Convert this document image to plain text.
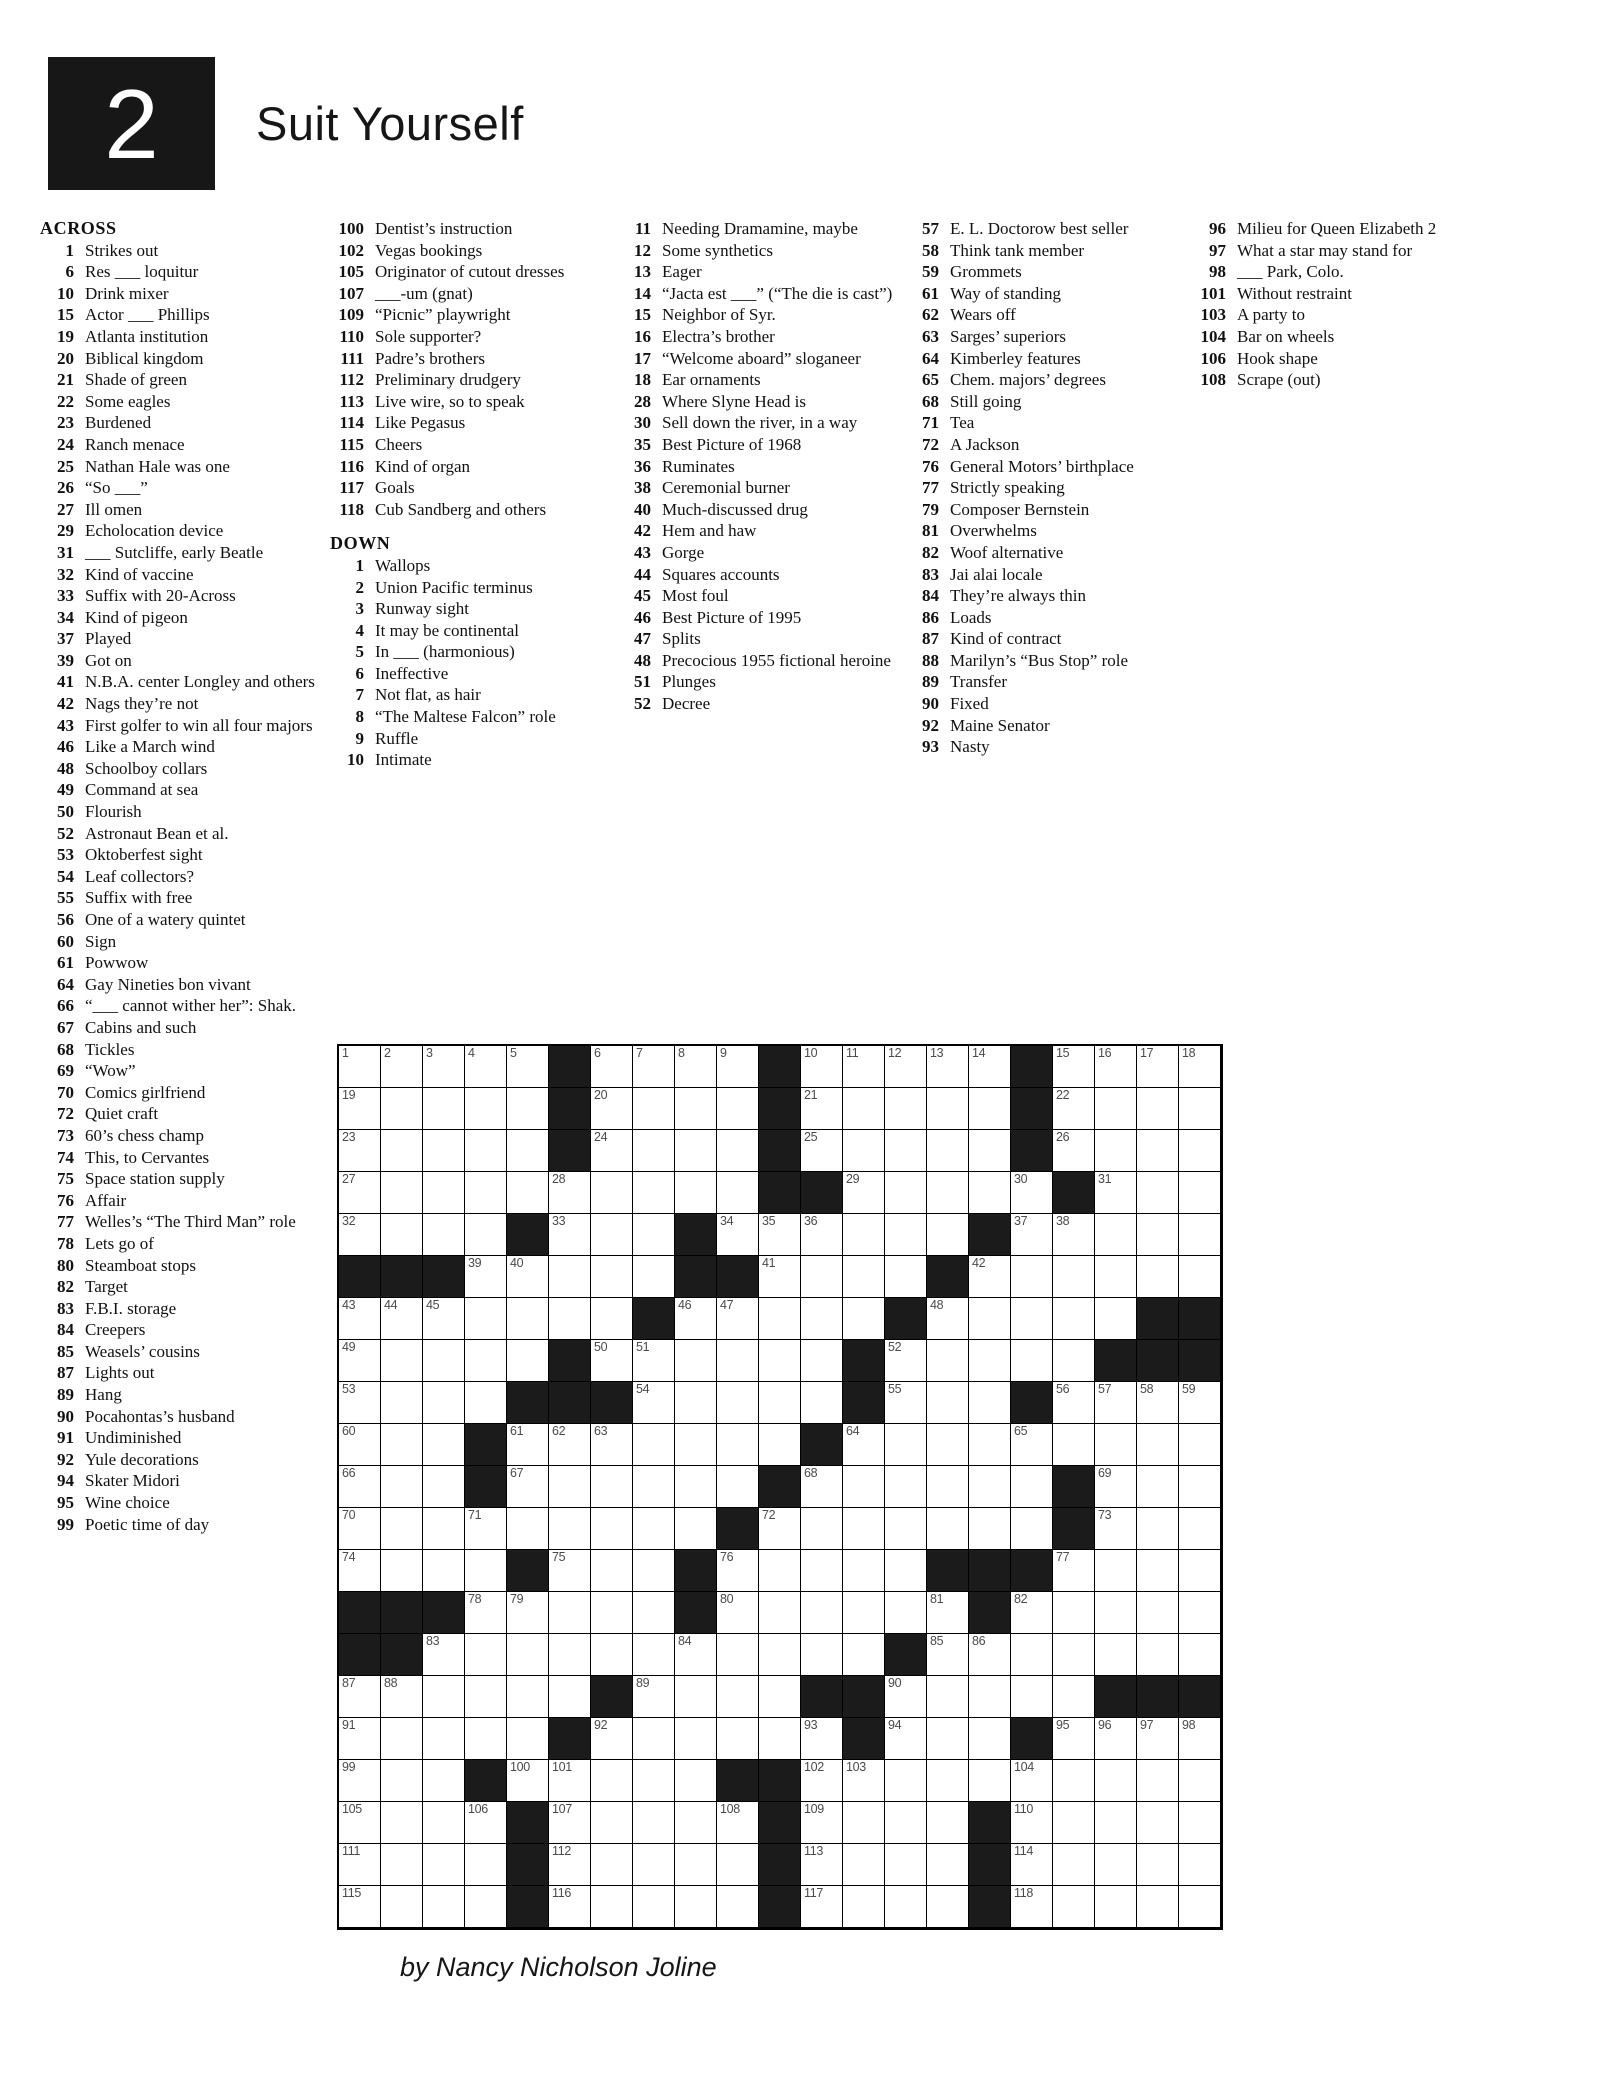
2 Suit Yourself
ACROSS
1 Strikes out
6 Res ___ loquitur
10 Drink mixer
15 Actor ___ Phillips
19 Atlanta institution
20 Biblical kingdom
21 Shade of green
22 Some eagles
23 Burdened
24 Ranch menace
25 Nathan Hale was one
26 “So ___”
27 Ill omen
29 Echolocation device
31 ___ Sutcliffe, early Beatle
32 Kind of vaccine
33 Suffix with 20-Across
34 Kind of pigeon
37 Played
39 Got on
41 N.B.A. center Longley and others
42 Nags they’re not
43 First golfer to win all four majors
46 Like a March wind
48 Schoolboy collars
49 Command at sea
50 Flourish
52 Astronaut Bean et al.
53 Oktoberfest sight
54 Leaf collectors?
55 Suffix with free
56 One of a watery quintet
60 Sign
61 Powwow
64 Gay Nineties bon vivant
66 “___ cannot wither her”: Shak.
67 Cabins and such
68 Tickles
69 “Wow”
70 Comics girlfriend
72 Quiet craft
73 60’s chess champ
74 This, to Cervantes
75 Space station supply
76 Affair
77 Welles’s “The Third Man” role
78 Lets go of
80 Steamboat stops
82 Target
83 F.B.I. storage
84 Creepers
85 Weasels’ cousins
87 Lights out
89 Hang
90 Pocahontas’s husband
91 Undiminished
92 Yule decorations
94 Skater Midori
95 Wine choice
99 Poetic time of day
100 Dentist’s instruction
102 Vegas bookings
105 Originator of cutout dresses
107 ___-um (gnat)
109 “Picnic” playwright
110 Sole supporter?
111 Padre’s brothers
112 Preliminary drudgery
113 Live wire, so to speak
114 Like Pegasus
115 Cheers
116 Kind of organ
117 Goals
118 Cub Sandberg and others
DOWN
1 Wallops
2 Union Pacific terminus
3 Runway sight
4 It may be continental
5 In ___ (harmonious)
6 Ineffective
7 Not flat, as hair
8 “The Maltese Falcon” role
9 Ruffle
10 Intimate
11 Needing Dramamine, maybe
12 Some synthetics
13 Eager
14 “Jacta est ___” (“The die is cast”)
15 Neighbor of Syr.
16 Electra’s brother
17 “Welcome aboard” sloganeer
18 Ear ornaments
28 Where Slyne Head is
30 Sell down the river, in a way
35 Best Picture of 1968
36 Ruminates
38 Ceremonial burner
40 Much-discussed drug
42 Hem and haw
43 Gorge
44 Squares accounts
45 Most foul
46 Best Picture of 1995
47 Splits
48 Precocious 1955 fictional heroine
51 Plunges
52 Decree
57 E. L. Doctorow best seller
58 Think tank member
59 Grommets
61 Way of standing
62 Wears off
63 Sarges’ superiors
64 Kimberley features
65 Chem. majors’ degrees
68 Still going
71 Tea
72 A Jackson
76 General Motors’ birthplace
77 Strictly speaking
79 Composer Bernstein
81 Overwhelms
82 Woof alternative
83 Jai alai locale
84 They’re always thin
86 Loads
87 Kind of contract
88 Marilyn’s “Bus Stop” role
89 Transfer
90 Fixed
92 Maine Senator
93 Nasty
96 Milieu for Queen Elizabeth 2
97 What a star may stand for
98 ___ Park, Colo.
101 Without restraint
103 A party to
104 Bar on wheels
106 Hook shape
108 Scrape (out)
1	2	3	4	5	6	7	8	9	10 11 12 13 14	15 16 17 18
19	20	21	22
23	24	25	26
27	28	29	30	31
32	33	34 35 36	37 38
39 40	41	42
43 44 45	46 47	48
49	50 51	52
53	54	55	56 57 58 59
60	61 62 63	64	65
66	67	68	69
70	71	72	73
74	75	76	77
78 79	80	81	82
83	84	85 86
87 88	89	90
91	92	93	94	95 96 97 98
99	100 101	102 103	104
105	106	107	108	109	110
111	112	113	114
115	116	117	118
by Nancy Nicholson Joline
